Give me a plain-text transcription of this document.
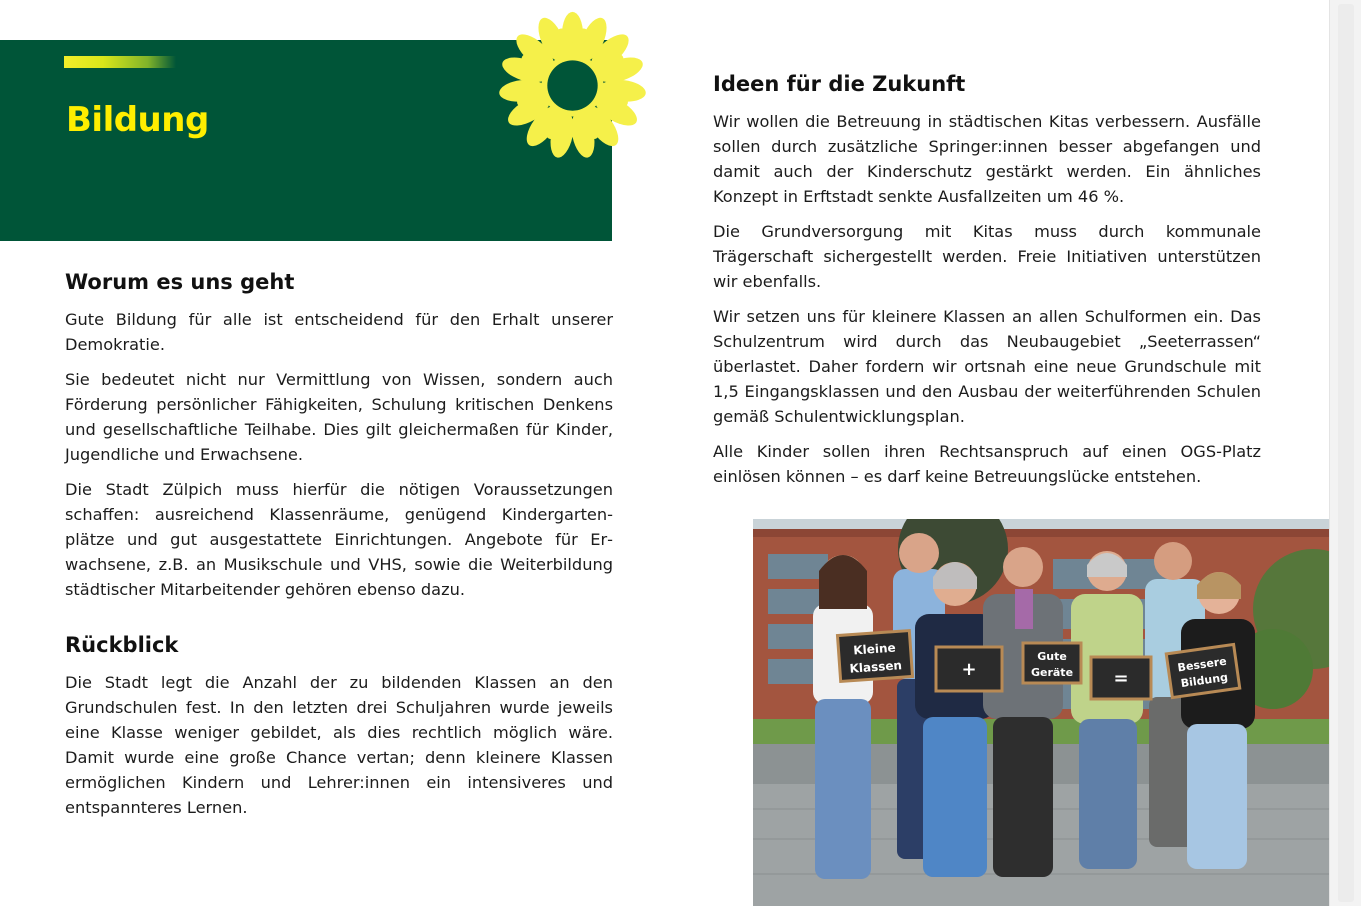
Bildung
Worum es uns geht

Gute Bildung für alle ist entscheidend für den Erhalt unserer Demokratie.

Sie bedeutet nicht nur Vermittlung von Wissen, sondern auch Förderung persönlicher Fähigkeiten, Schulung kritischen Denkens und gesellschaftliche Teilhabe. Dies gilt gleichermaßen für Kinder, Jugendliche und Erwachsene.

Die Stadt Zülpich muss hierfür die nötigen Voraussetzungen schaffen: ausreichend Klassenräume, genügend Kindergartenplätze und gut ausgestattete Einrichtungen. Angebote für Erwachsene, z.B. an Musikschule und VHS, sowie die Weiterbildung städtischer Mitarbeitender gehören ebenso dazu.

Rückblick

Die Stadt legt die Anzahl der zu bildenden Klassen an den Grundschulen fest. In den letzten drei Schuljahren wurde jeweils eine Klasse weniger gebildet, als dies rechtlich möglich wäre. Damit wurde eine große Chance vertan; denn kleinere Klassen ermöglichen Kindern und Lehrer:innen ein intensiveres und entspannteres Lernen.

Ideen für die Zukunft

Wir wollen die Betreuung in städtischen Kitas verbessern. Ausfälle sollen durch zusätzliche Springer:innen besser abgefangen und damit auch der Kinderschutz gestärkt werden. Ein ähnliches Konzept in Erftstadt senkte Ausfallzeiten um 46 %.

Die Grundversorgung mit Kitas muss durch kommunale Trägerschaft sichergestellt werden. Freie Initiativen unterstützen wir ebenfalls.

Wir setzen uns für kleinere Klassen an allen Schulformen ein. Das Schulzentrum wird durch das Neubaugebiet „Seeterrassen“ überlastet. Daher fordern wir ortsnah eine neue Grundschule mit 1,5 Eingangsklassen und den Ausbau der weiterführenden Schulen gemäß Schulentwicklungsplan.

Alle Kinder sollen ihren Rechtsanspruch auf einen OGS-Platz einlösen können – es darf keine Betreuungslücke entstehen.

Kleine
Klassen	+
Gute
Geräte =
Bessere
Bildung
